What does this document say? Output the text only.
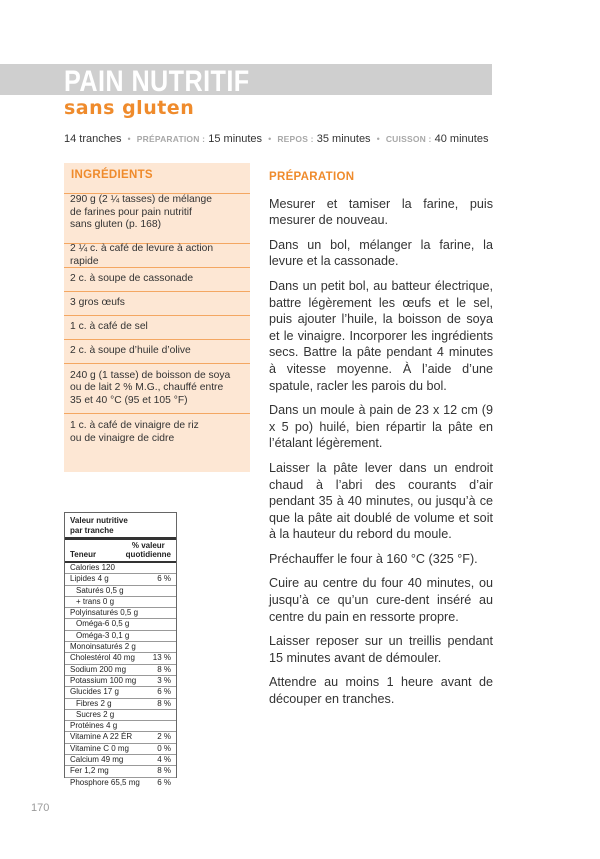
PAIN NUTRITIF
sans gluten
14 tranches • PRÉPARATION : 15 minutes • REPOS : 35 minutes • CUISSON : 40 minutes
INGRÉDIENTS
290 g (2 ¼ tasses) de mélange
de farines pour pain nutritif
sans gluten (p. 168)
2 ¼ c. à café de levure à action rapide
2 c. à soupe de cassonade
3 gros œufs
1 c. à café de sel
2 c. à soupe d’huile d’olive
240 g (1 tasse) de boisson de soya
ou de lait 2 % M.G., chauffé entre
35 et 40 °C (95 et 105 °F)
1 c. à café de vinaigre de riz
ou de vinaigre de cidre
Valeur nutritive
par tranche
Teneur
% valeur
quotidienne
Calories 120
Lipides 4 g	6 %
Saturés 0,5 g
+ trans 0 g
Polyinsaturés 0,5 g
Oméga-6 0,5 g
Oméga-3 0,1 g
Monoinsaturés 2 g
Cholestérol 40 mg 13 %
Sodium 200 mg	8 %
Potassium 100 mg	3 %
Glucides 17 g	6 %
Fibres 2 g	8 %
Sucres 2 g
Protéines 4 g
Vitamine A 22 ÉR	2 %
Vitamine C 0 mg	0 %
Calcium 49 mg	4 %
Fer 1,2 mg	8 %
Phosphore 65,5 mg 6 %
PRÉPARATION

Mesurer et tamiser la farine, puis mesurer de nouveau.

Dans un bol, mélanger la farine, la levure et la cassonade.

Dans un petit bol, au batteur électrique, battre légèrement les œufs et le sel, puis ajouter l’huile, la boisson de soya et le vinaigre. Incorporer les ingrédients secs. Battre la pâte pendant 4 minutes à vitesse moyenne. À l’aide d’une spatule, racler les parois du bol.

Dans un moule à pain de 23 x 12 cm (9 x 5 po) huilé, bien répartir la pâte en l’étalant légèrement.

Laisser la pâte lever dans un endroit chaud à l’abri des courants d’air pendant 35 à 40 minutes, ou jusqu’à ce que la pâte ait doublé de volume et soit à la hauteur du rebord du moule.

Préchauffer le four à 160 °C (325 °F).

Cuire au centre du four 40 minutes, ou jusqu’à ce qu’un cure-dent inséré au centre du pain en ressorte propre.

Laisser reposer sur un treillis pendant 15 minutes avant de démouler.

Attendre au moins 1 heure avant de découper en tranches.

170
